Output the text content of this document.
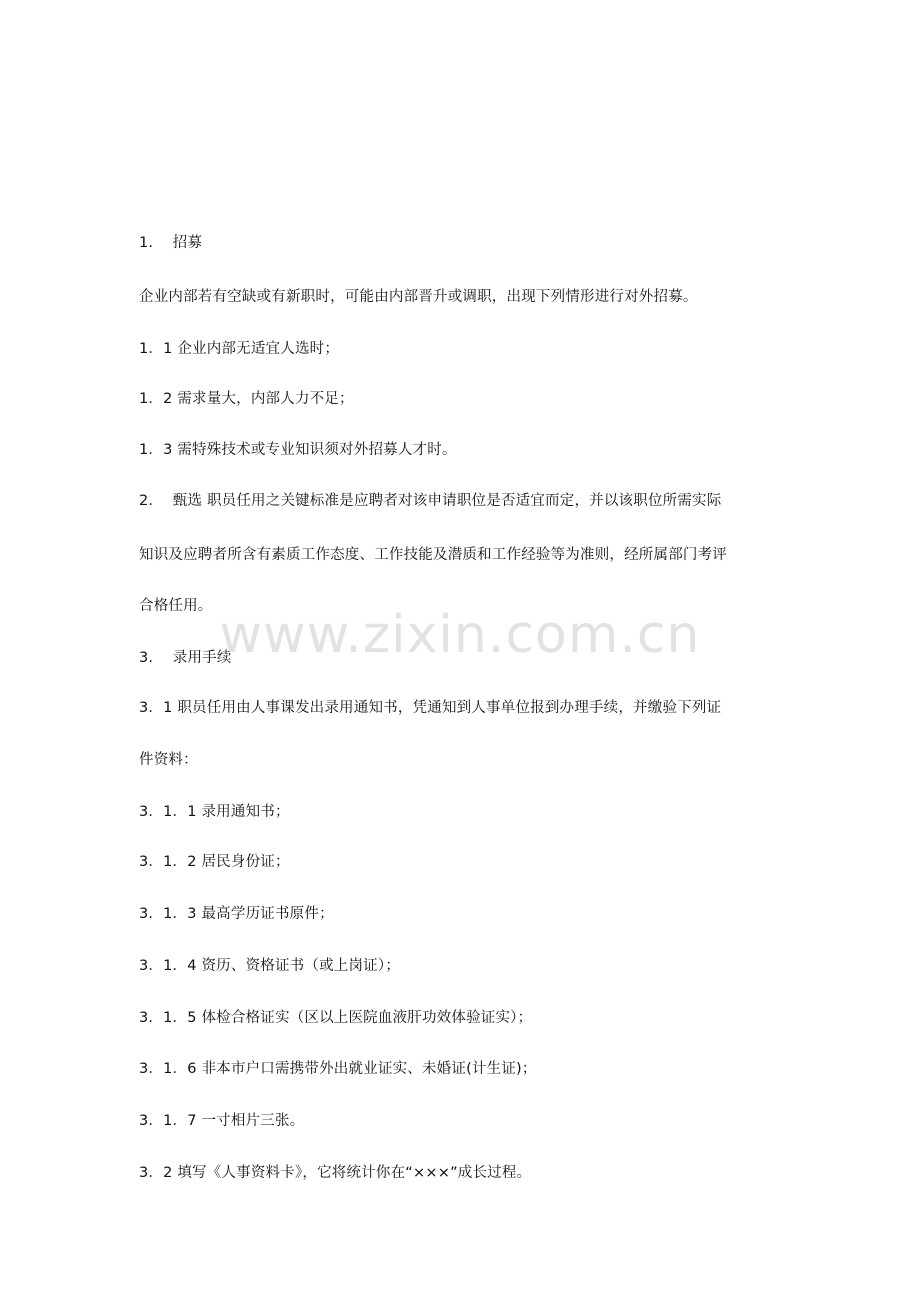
1.　 招募
企业内部若有空缺或有新职时，可能由内部晋升或调职，出现下列情形进行对外招募。
1．1 企业内部无适宜人选时；
1．2 需求量大，内部人力不足；
1．3 需特殊技术或专业知识须对外招募人才时。
2.　 甄选 职员任用之关键标准是应聘者对该申请职位是否适宜而定，并以该职位所需实际
知识及应聘者所含有素质工作态度、工作技能及潜质和工作经验等为准则，经所属部门考评
合格任用。
3.　 录用手续
3．1 职员任用由人事课发出录用通知书，凭通知到人事单位报到办理手续，并缴验下列证
件资料：
3．1．1 录用通知书；
3．1．2 居民身份证；
3．1．3 最高学历证书原件；
3．1．4 资历、资格证书（或上岗证）；
3．1．5 体检合格证实（区以上医院血液肝功效体验证实）；
3．1．6 非本市户口需携带外出就业证实、未婚证(计生证)；
3．1．7 一寸相片三张。
3．2 填写《人事资料卡》，它将统计你在“×××”成长过程。
www.zixin.com.cn
